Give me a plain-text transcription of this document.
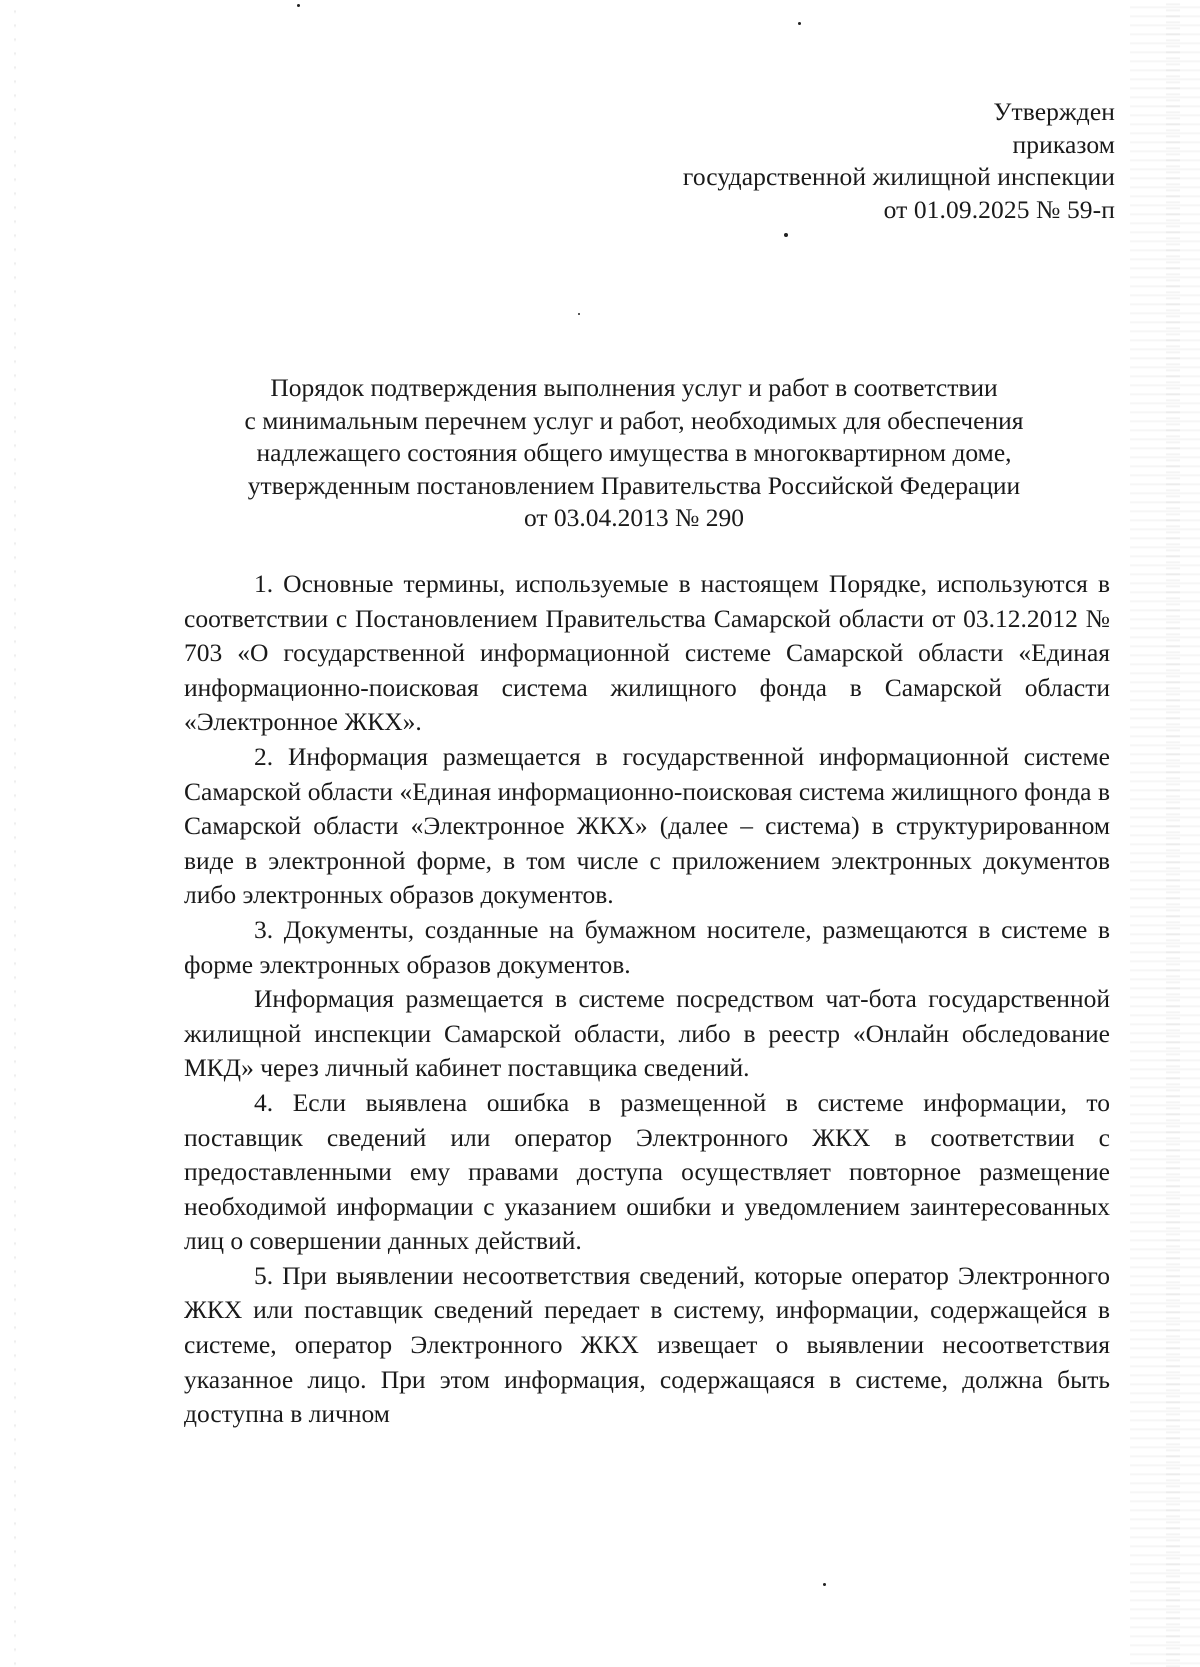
Утвержден
приказом
государственной жилищной инспекции
от 01.09.2025 № 59-п
Порядок подтверждения выполнения услуг и работ в соответствии
с минимальным перечнем услуг и работ, необходимых для обеспечения
надлежащего состояния общего имущества в многоквартирном доме,
утвержденным постановлением Правительства Российской Федерации
от 03.04.2013 № 290

1. Основные термины, используемые в настоящем Порядке, используются в соответствии с Постановлением Правительства Самарской области от 03.12.2012 № 703 «О государственной информационной системе Самарской области «Единая информационно-поисковая система жилищного фонда в Самарской области «Электронное ЖКХ».

2. Информация размещается в государственной информационной системе Самарской области «Единая информационно-поисковая система жилищного фонда в Самарской области «Электронное ЖКХ» (далее – система) в структурированном виде в электронной форме, в том числе с приложением электронных документов либо электронных образов документов.

3. Документы, созданные на бумажном носителе, размещаются в системе в форме электронных образов документов.

Информация размещается в системе посредством чат-бота государственной жилищной инспекции Самарской области, либо в реестр «Онлайн обследование МКД» через личный кабинет поставщика сведений.

4. Если выявлена ошибка в размещенной в системе информации, то поставщик сведений или оператор Электронного ЖКХ в соответствии с предоставленными ему правами доступа осуществляет повторное размещение необходимой информации с указанием ошибки и уведомлением заинтересованных лиц о совершении данных действий.

5. При выявлении несоответствия сведений, которые оператор Электронного ЖКХ или поставщик сведений передает в систему, информации, содержащейся в системе, оператор Электронного ЖКХ извещает о выявлении несоответствия указанное лицо. При этом информация, содержащаяся в системе, должна быть доступна в личном
